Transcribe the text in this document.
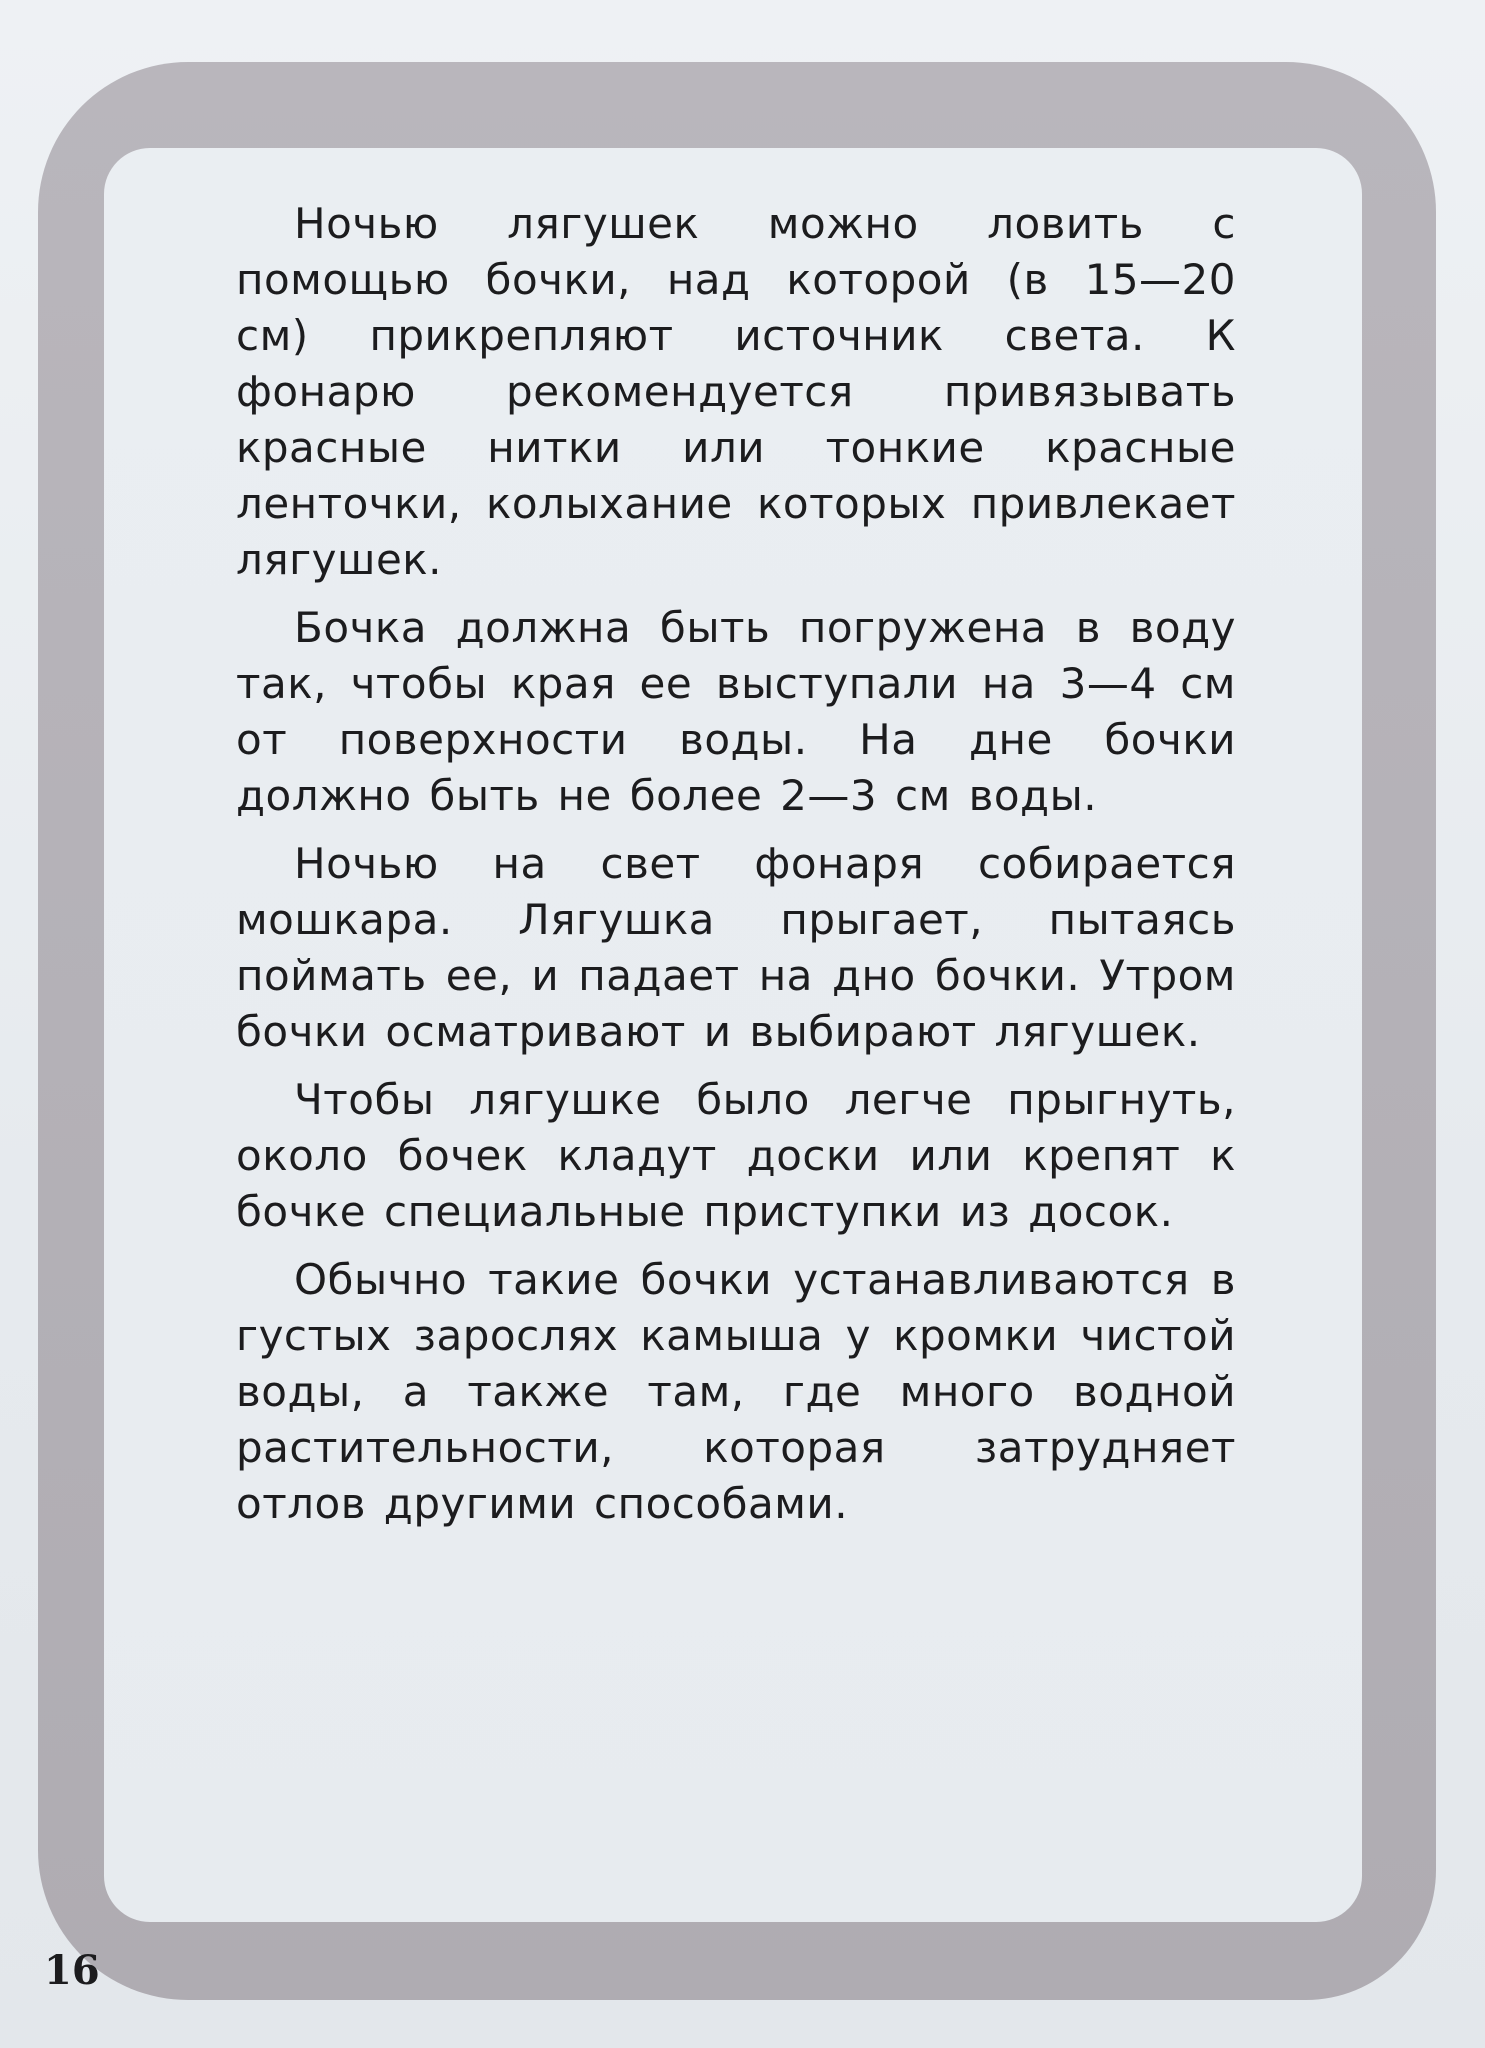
Ночью лягушек можно ловить с помощью бочки, над которой (в 15—20 см) прикрепляют источник света. К фонарю рекомендуется привязывать красные нитки или тонкие красные ленточки, колыхание которых привлекает лягушек.

Бочка должна быть погружена в воду так, чтобы края ее выступали на 3—4 см от поверхности воды. На дне бочки должно быть не более 2—3 см воды.

Ночью на свет фонаря собирается мошкара. Лягушка прыгает, пытаясь поймать ее, и падает на дно бочки. Утром бочки осматривают и выбирают лягушек.

Чтобы лягушке было легче прыгнуть, около бочек кладут доски или крепят к бочке специальные приступки из досок.

Обычно такие бочки устанавливаются в густых зарослях камыша у кромки чистой воды, а также там, где много водной растительности, которая затрудняет отлов другими способами.

16
